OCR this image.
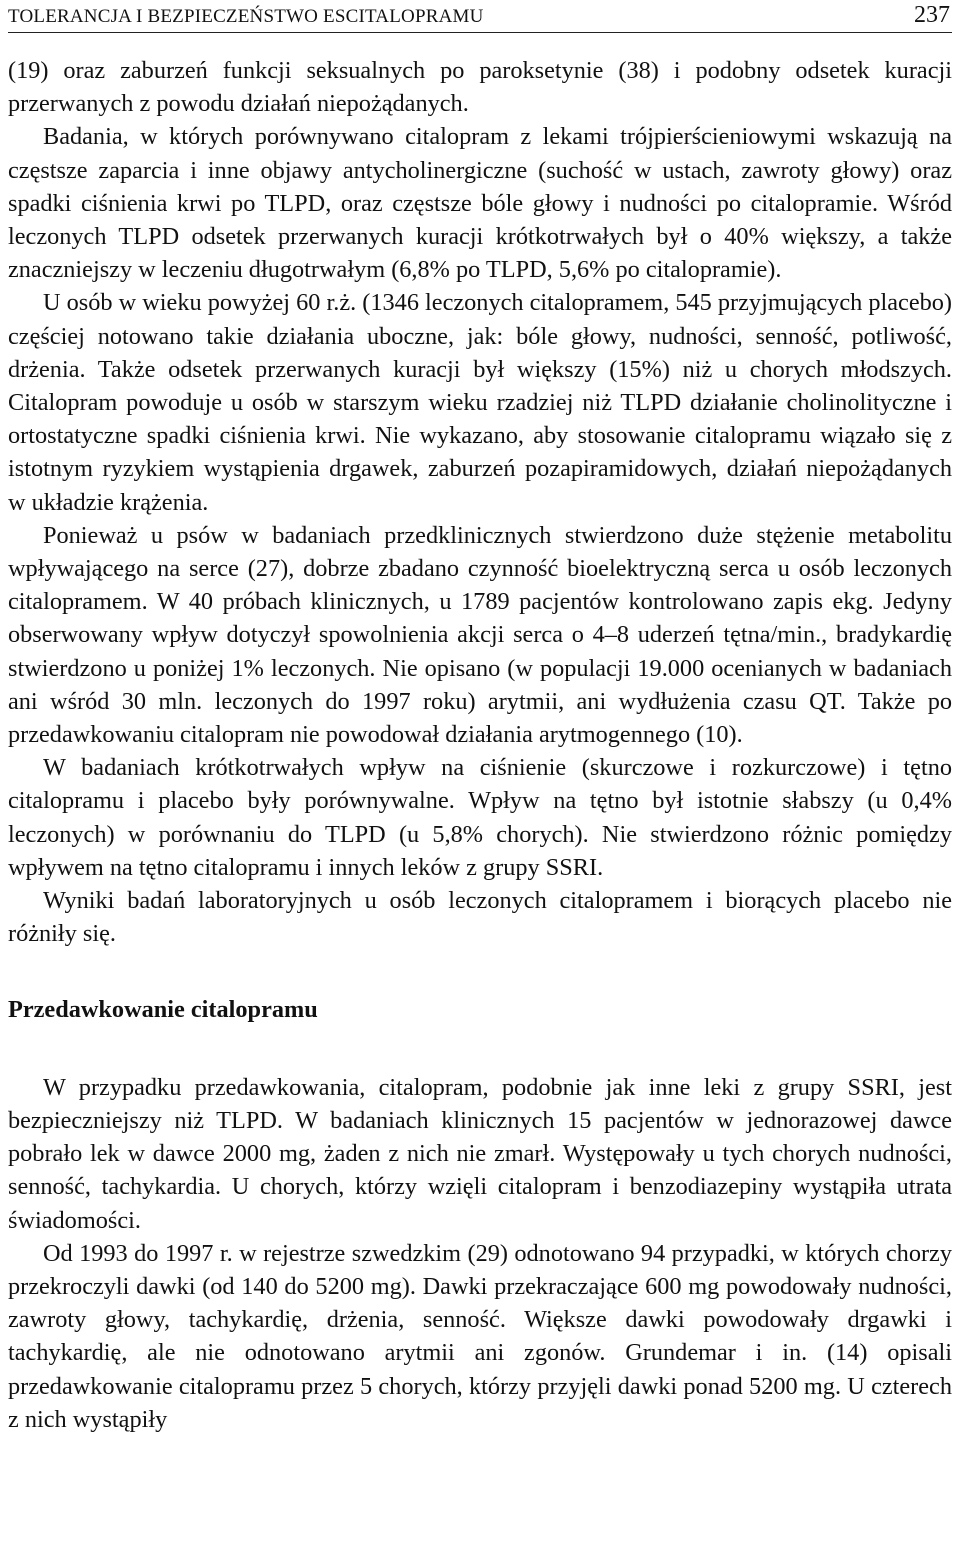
TOLERANCJA I BEZPIECZEŃSTWO ESCITALOPRAMU	237

(19) oraz zaburzeń funkcji seksualnych po paroksetynie (38) i podobny odsetek kuracji przerwanych z powodu działań niepożądanych.

Badania, w których porównywano citalopram z lekami trójpierścieniowymi wskazują na częstsze zaparcia i inne objawy antycholinergiczne (suchość w ustach, zawroty głowy) oraz spadki ciśnienia krwi po TLPD, oraz częstsze bóle głowy i nudności po citalopramie. Wśród leczonych TLPD odsetek przerwanych kuracji krótkotrwałych był o 40% większy, a także znaczniejszy w leczeniu długotrwałym (6,8% po TLPD, 5,6% po citalopramie).

U osób w wieku powyżej 60 r.ż. (1346 leczonych citalopramem, 545 przyjmujących placebo) częściej notowano takie działania uboczne, jak: bóle głowy, nudności, senność, potliwość, drżenia. Także odsetek przerwanych kuracji był większy (15%) niż u chorych młodszych. Citalopram powoduje u osób w starszym wieku rzadziej niż TLPD działanie cholinolityczne i ortostatyczne spadki ciśnienia krwi. Nie wykazano, aby stosowanie citalopramu wiązało się z istotnym ryzykiem wystąpienia drgawek, zaburzeń pozapiramidowych, działań niepożądanych w układzie krążenia.

Ponieważ u psów w badaniach przedklinicznych stwierdzono duże stężenie metabolitu wpływającego na serce (27), dobrze zbadano czynność bioelektryczną serca u osób leczonych citalopramem. W 40 próbach klinicznych, u 1789 pacjentów kontrolowano zapis ekg. Jedyny obserwowany wpływ dotyczył spowolnienia akcji serca o 4–8 uderzeń tętna/min., bradykardię stwierdzono u poniżej 1% leczonych. Nie opisano (w populacji 19.000 ocenianych w badaniach ani wśród 30 mln. leczonych do 1997 roku) arytmii, ani wydłużenia czasu QT. Także po przedawkowaniu citalopram nie powodował działania arytmogennego (10).

W badaniach krótkotrwałych wpływ na ciśnienie (skurczowe i rozkurczowe) i tętno citalopramu i placebo były porównywalne. Wpływ na tętno był istotnie słabszy (u 0,4% leczonych) w porównaniu do TLPD (u 5,8% chorych). Nie stwierdzono różnic pomiędzy wpływem na tętno citalopramu i innych leków z grupy SSRI.

Wyniki badań laboratoryjnych u osób leczonych citalopramem i biorących placebo nie różniły się.

Przedawkowanie citalopramu

W przypadku przedawkowania, citalopram, podobnie jak inne leki z grupy SSRI, jest bezpieczniejszy niż TLPD. W badaniach klinicznych 15 pacjentów w jednorazowej dawce pobrało lek w dawce 2000 mg, żaden z nich nie zmarł. Występowały u tych chorych nudności, senność, tachykardia. U chorych, którzy wzięli citalopram i benzodiazepiny wystąpiła utrata świadomości.

Od 1993 do 1997 r. w rejestrze szwedzkim (29) odnotowano 94 przypadki, w których chorzy przekroczyli dawki (od 140 do 5200 mg). Dawki przekraczające 600 mg powodowały nudności, zawroty głowy, tachykardię, drżenia, senność. Większe dawki powodowały drgawki i tachykardię, ale nie odnotowano arytmii ani zgonów. Grundemar i in. (14) opisali przedawkowanie citalopramu przez 5 chorych, którzy przyjęli dawki ponad 5200 mg. U czterech z nich wystąpiły
